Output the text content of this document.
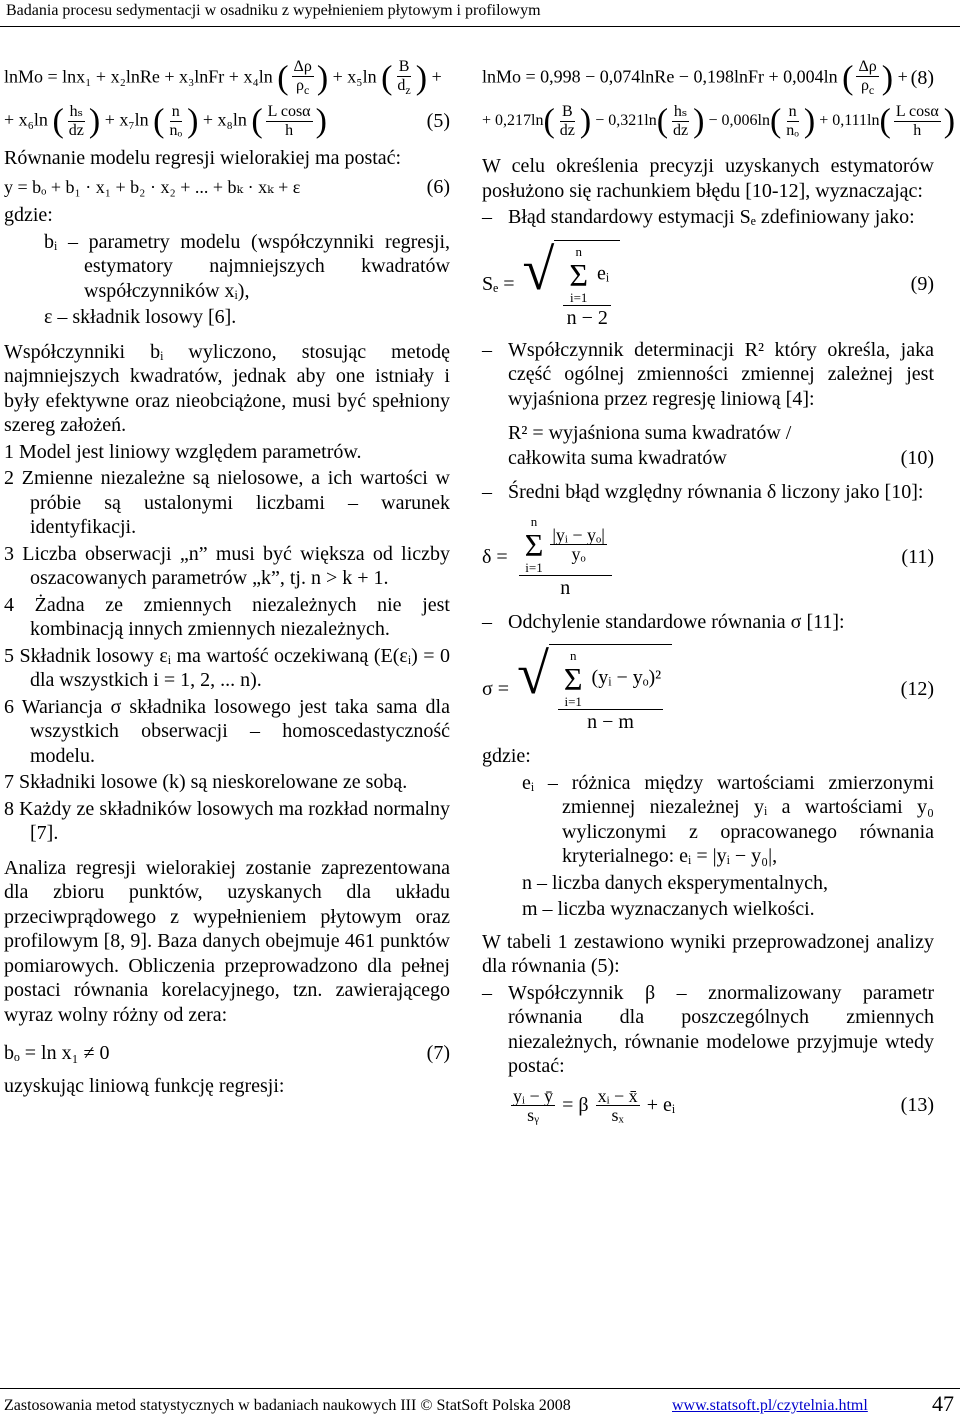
Badania procesu sedymentacji w osadniku z wypełnieniem płytowym i profilowym
lnMo = lnx₁ + x₂lnRe + x₃lnFr + x₄ln ( $\frac{\Delta\rho}{\rho_c}$ ) + x₅ln ( $\frac{B}{d_z}$ ) +
+ x₆ln ( $\frac{\text{hₛ}}{dz}$ ) + x₇ln ( $\frac{n}{\text{nₒ}}$ ) + x₈ln ( $\frac{\text{L cosα}}{h}$ )	(5)

Równanie modelu regresji wielorakiej ma postać:

y = bₒ + b₁ · x₁ + b₂ · x₂ + ... + bₖ · xₖ + ε	(6)

gdzie:

bᵢ – parametry modelu (współczynniki regresji, estymatory najmniejszych kwadratów współczynników xᵢ),

ε – składnik losowy [6].

Współczynniki bᵢ wyliczono, stosując metodę najmniejszych kwadratów, jednak aby one istniały i były efektywne oraz nieobciążone, musi być spełniony szereg założeń.

1 Model jest liniowy względem parametrów.

2 Zmienne niezależne są nielosowe, a ich wartości w próbie są ustalonymi liczbami – warunek identyfikacji.

3 Liczba obserwacji „n” musi być większa od liczby oszacowanych parametrów „k”, tj. n > k + 1.

4 Żadna ze zmiennych niezależnych nie jest kombinacją innych zmiennych niezależnych.

5 Składnik losowy εᵢ ma wartość oczekiwaną (E(εᵢ) = 0 dla wszystkich i = 1, 2, ... n).

6 Wariancja σ składnika losowego jest taka sama dla wszystkich obserwacji – homoscedastyczność modelu.

7 Składniki losowe (k) są nieskorelowane ze sobą.

8 Każdy ze składników losowych ma rozkład normalny [7].

Analiza regresji wielorakiej zostanie zaprezentowana dla zbioru punktów, uzyskanych dla układu przeciwprądowego z wypełnieniem płytowym oraz profilowym [8, 9]. Baza danych obejmuje 461 punktów pomiarowych. Obliczenia przeprowadzono dla pełnej postaci równania korelacyjnego, tzn. zawierającego wyraz wolny różny od zera:

bₒ = ln x₁ ≠ 0	(7)

uzyskując liniową funkcję regresji:

lnMo = 0,998 − 0,074lnRe − 0,198lnFr + 0,004ln ( $\frac{\Delta\rho}{\rho_c}$ ) + (8)
+ $0,217\ln( \frac{B}{dz}$ ) − $0,321\ln( \frac{\text{hₛ}}{dz}$ ) − $0,006\ln( \frac{n}{\text{nₒ}}$ ) + $0,111\ln( \frac{\text{L cosα}}{h}$ )

W celu określenia precyzji uzyskanych estymatorów posłużono się rachunkiem błędu [10-12], wyznaczając:

– Błąd standardowy estymacji Sₑ zdefiniowany jako:
Sₑ = √ n
Σ
i=1
eᵢ
n − 2	(9)
– Współczynnik determinacji R² który określa, jaka część ogólnej zmienności zmiennej zależnej jest wyjaśniona przez regresję liniową [4]:
R² = wyjaśniona suma kwadratów / całkowita suma kwadratów	(10)
– Średni błąd względny równania δ liczony jako [10]:
δ = n
Σ
i=1
$\frac{\text{|yᵢ − yₒ|}}{\text{yₒ}}$
n	(11)
– Odchylenie standardowe równania σ [11]:
σ = √ n
Σ
i=1
(yᵢ − yₒ)²
n − m	(12)

gdzie:

eᵢ – różnica między wartościami zmierzonymi zmiennej niezależnej yᵢ a wartościami y₀ wyliczonymi z opracowanego równania kryterialnego: eᵢ = |yᵢ − y₀|,

n – liczba danych eksperymentalnych,

m – liczba wyznaczanych wielkości.

W tabeli 1 zestawiono wyniki przeprowadzonej analizy dla równania (5):

– Współczynnik β – znormalizowany parametr równania dla poszczególnych zmiennych niezależnych, równanie modelowe przyjmuje wtedy postać:
$\frac{\text{yᵢ − ȳ}}{\text{sᵧ}} = \beta \frac{\text{xᵢ − x̄}}{\text{sₓ}}$ + eᵢ	(13)
Zastosowania metod statystycznych w badaniach naukowych III © StatSoft Polska 2008	www.statsoft.pl/czytelnia.html	47
